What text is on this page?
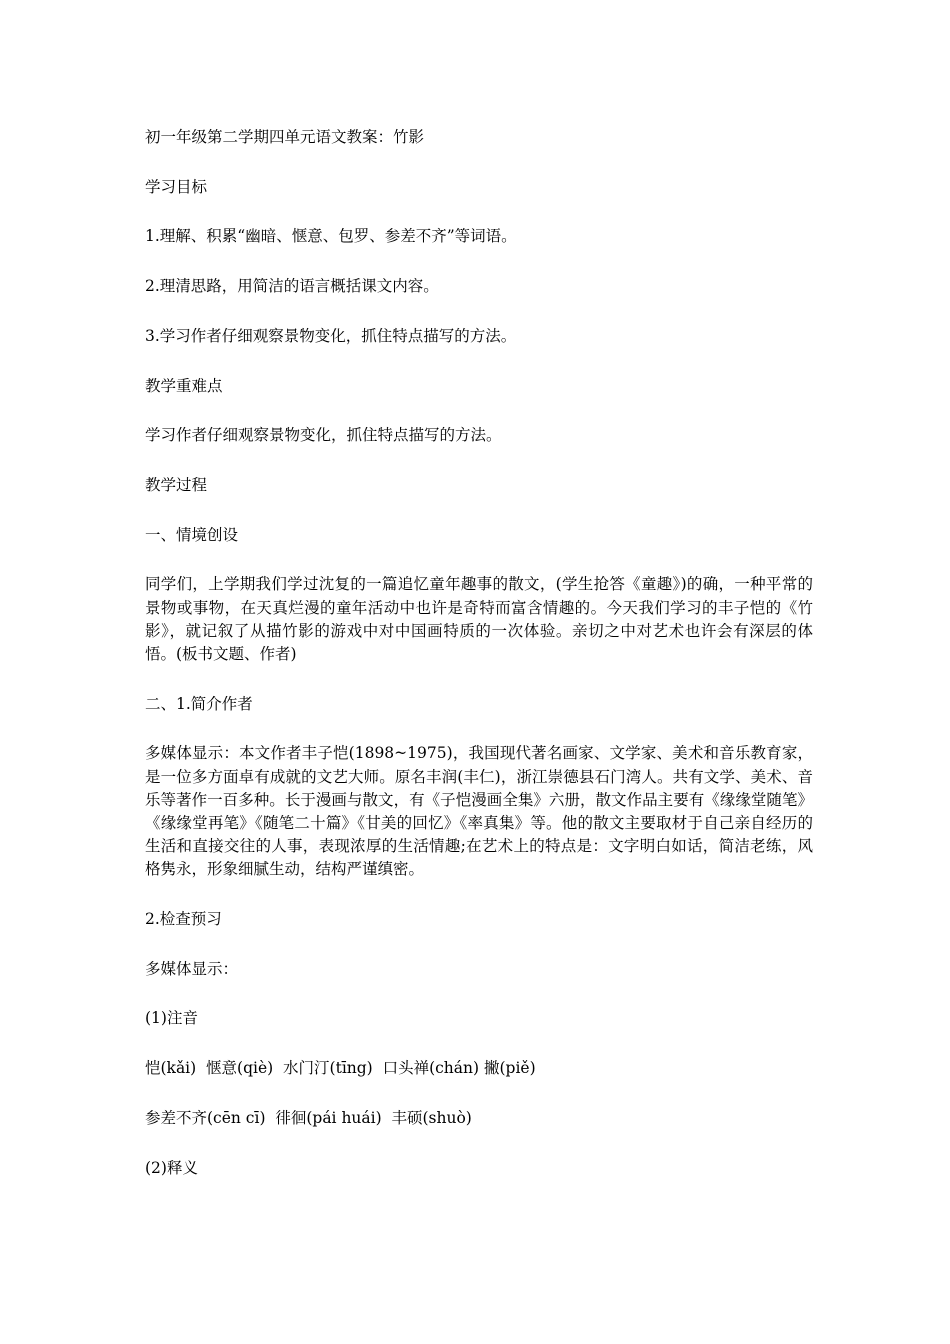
初一年级第二学期四单元语文教案：竹影

学习目标

1.理解、积累“幽暗、惬意、包罗、参差不齐”等词语。

2.理清思路，用简洁的语言概括课文内容。

3.学习作者仔细观察景物变化，抓住特点描写的方法。

教学重难点

学习作者仔细观察景物变化，抓住特点描写的方法。

教学过程

一、情境创设

同学们，上学期我们学过沈复的一篇追忆童年趣事的散文，(学生抢答《童趣》)的确，一种平常的景物或事物，在天真烂漫的童年活动中也许是奇特而富含情趣的。今天我们学习的丰子恺的《竹影》，就记叙了从描竹影的游戏中对中国画特质的一次体验。亲切之中对艺术也许会有深层的体悟。(板书文题、作者)

二、1.简介作者

多媒体显示：本文作者丰子恺(1898~1975)，我国现代著名画家、文学家、美术和音乐教育家，是一位多方面卓有成就的文艺大师。原名丰润(丰仁)，浙江崇德县石门湾人。共有文学、美术、音乐等著作一百多种。长于漫画与散文，有《子恺漫画全集》六册，散文作品主要有《缘缘堂随笔》《缘缘堂再笔》《随笔二十篇》《甘美的回忆》《率真集》等。他的散文主要取材于自己亲自经历的生活和直接交往的人事，表现浓厚的生活情趣;在艺术上的特点是：文字明白如话，简洁老练，风格隽永，形象细腻生动，结构严谨缜密。

2.检查预习

多媒体显示：

(1)注音

恺(kǎi)  惬意(qiè)  水门汀(tīng)  口头禅(chán) 撇(piě)

参差不齐(cēn cī)  徘徊(pái huái)  丰硕(shuò)

(2)释义
